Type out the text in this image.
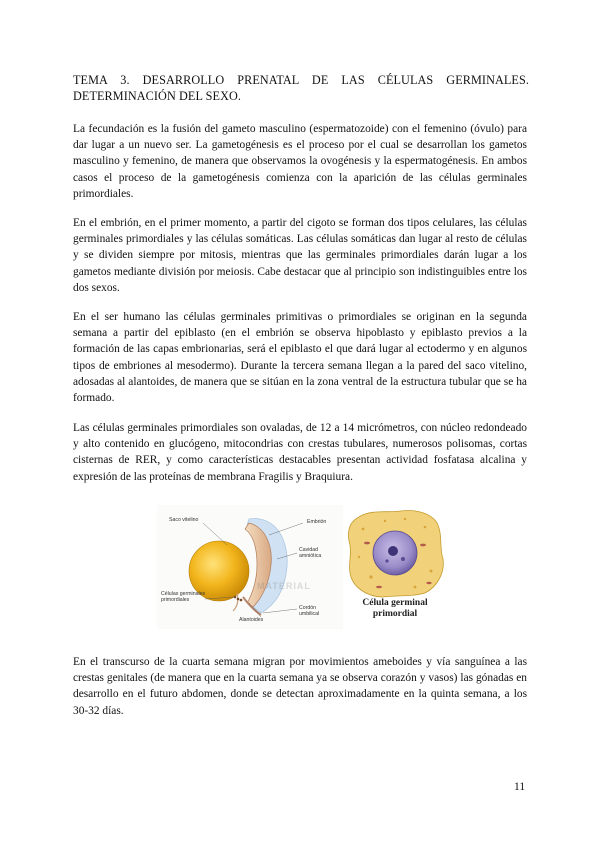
TEMA 3. DESARROLLO PRENATAL DE LAS CÉLULAS GERMINALES. DETERMINACIÓN DEL SEXO.

La fecundación es la fusión del gameto masculino (espermatozoide) con el femenino (óvulo) para dar lugar a un nuevo ser. La gametogénesis es el proceso por el cual se desarrollan los gametos masculino y femenino, de manera que observamos la ovogénesis y la espermatogénesis. En ambos casos el proceso de la gametogénesis comienza con la aparición de las células germinales primordiales.

En el embrión, en el primer momento, a partir del cigoto se forman dos tipos celulares, las células germinales primordiales y las células somáticas. Las células somáticas dan lugar al resto de células y se dividen siempre por mitosis, mientras que las germinales primordiales darán lugar a los gametos mediante división por meiosis. Cabe destacar que al principio son indistinguibles entre los dos sexos.

En el ser humano las células germinales primitivas o primordiales se originan en la segunda semana a partir del epiblasto (en el embrión se observa hipoblasto y epiblasto previos a la formación de las capas embrionarias, será el epiblasto el que dará lugar al ectodermo y en algunos tipos de embriones al mesodermo). Durante la tercera semana llegan a la pared del saco vitelino, adosadas al alantoides, de manera que se sitúan en la zona ventral de la estructura tubular que se ha formado.

Las células germinales primordiales son ovaladas, de 12 a 14 micrómetros, con núcleo redondeado y alto contenido en glucógeno, mitocondrias con crestas tubulares, numerosos polisomas, cortas cisternas de RER, y como características destacables presentan actividad fosfatasa alcalina y expresión de las proteínas de membrana Fragilis y Braquiura.

Saco vitelino	Embrión
Cavidad amniótica
Células germinales primordiales
Alantoides
Cordón umbilical
MATERIAL
Célula germinal
primordial

En el transcurso de la cuarta semana migran por movimientos ameboides y vía sanguínea a las crestas genitales (de manera que en la cuarta semana ya se observa corazón y vasos) las gónadas en desarrollo en el futuro abdomen, donde se detectan aproximadamente en la quinta semana, a los 30-32 días.

11
